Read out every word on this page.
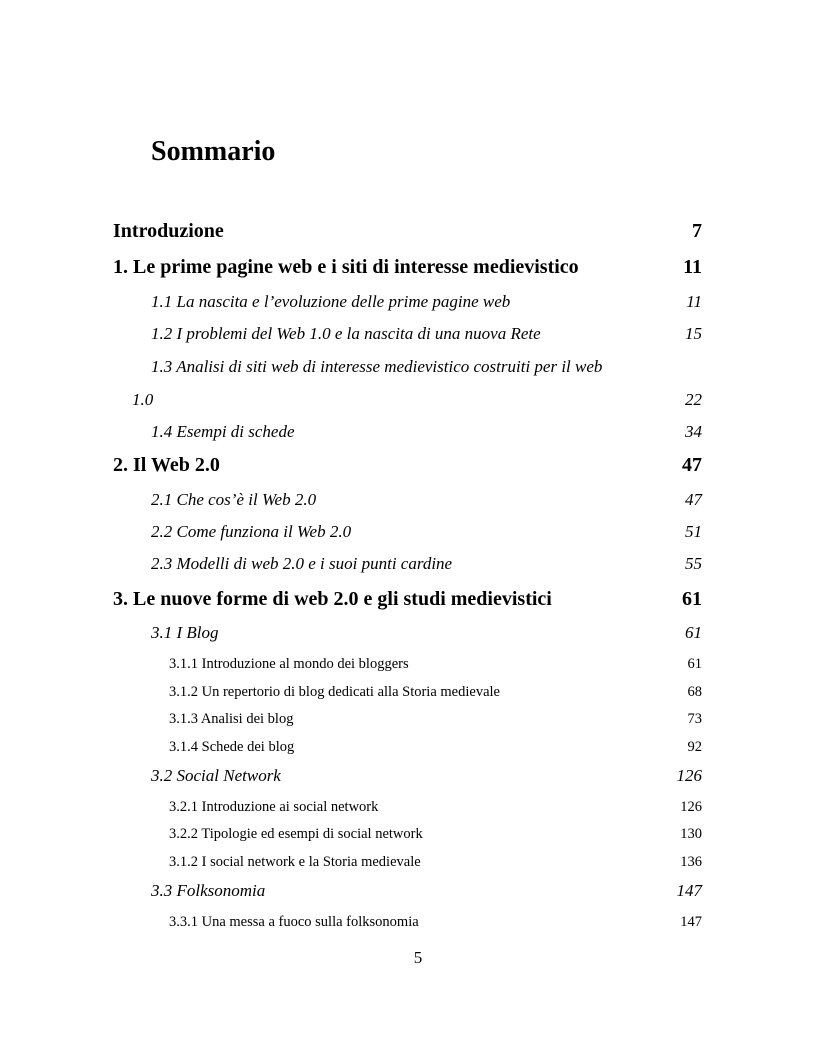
Sommario
Introduzione	7
1. Le prime pagine web e i siti di interesse medievistico	11
1.1 La nascita e l’evoluzione delle prime pagine web	11
1.2 I problemi del Web 1.0 e la nascita di una nuova Rete	15
1.3 Analisi di siti web di interesse medievistico costruiti per il web
1.0	22
1.4 Esempi di schede	34
2. Il Web 2.0	47
2.1 Che cos’è il Web 2.0	47
2.2 Come funziona il Web 2.0	51
2.3 Modelli di web 2.0 e i suoi punti cardine	55
3. Le nuove forme di web 2.0 e gli studi medievistici	61
3.1 I Blog	61
3.1.1 Introduzione al mondo dei bloggers	61
3.1.2 Un repertorio di blog dedicati alla Storia medievale	68
3.1.3 Analisi dei blog	73
3.1.4 Schede dei blog	92
3.2 Social Network	126
3.2.1 Introduzione ai social network	126
3.2.2 Tipologie ed esempi di social network	130
3.1.2 I social network e la Storia medievale	136
3.3 Folksonomia	147
3.3.1 Una messa a fuoco sulla folksonomia	147
5
